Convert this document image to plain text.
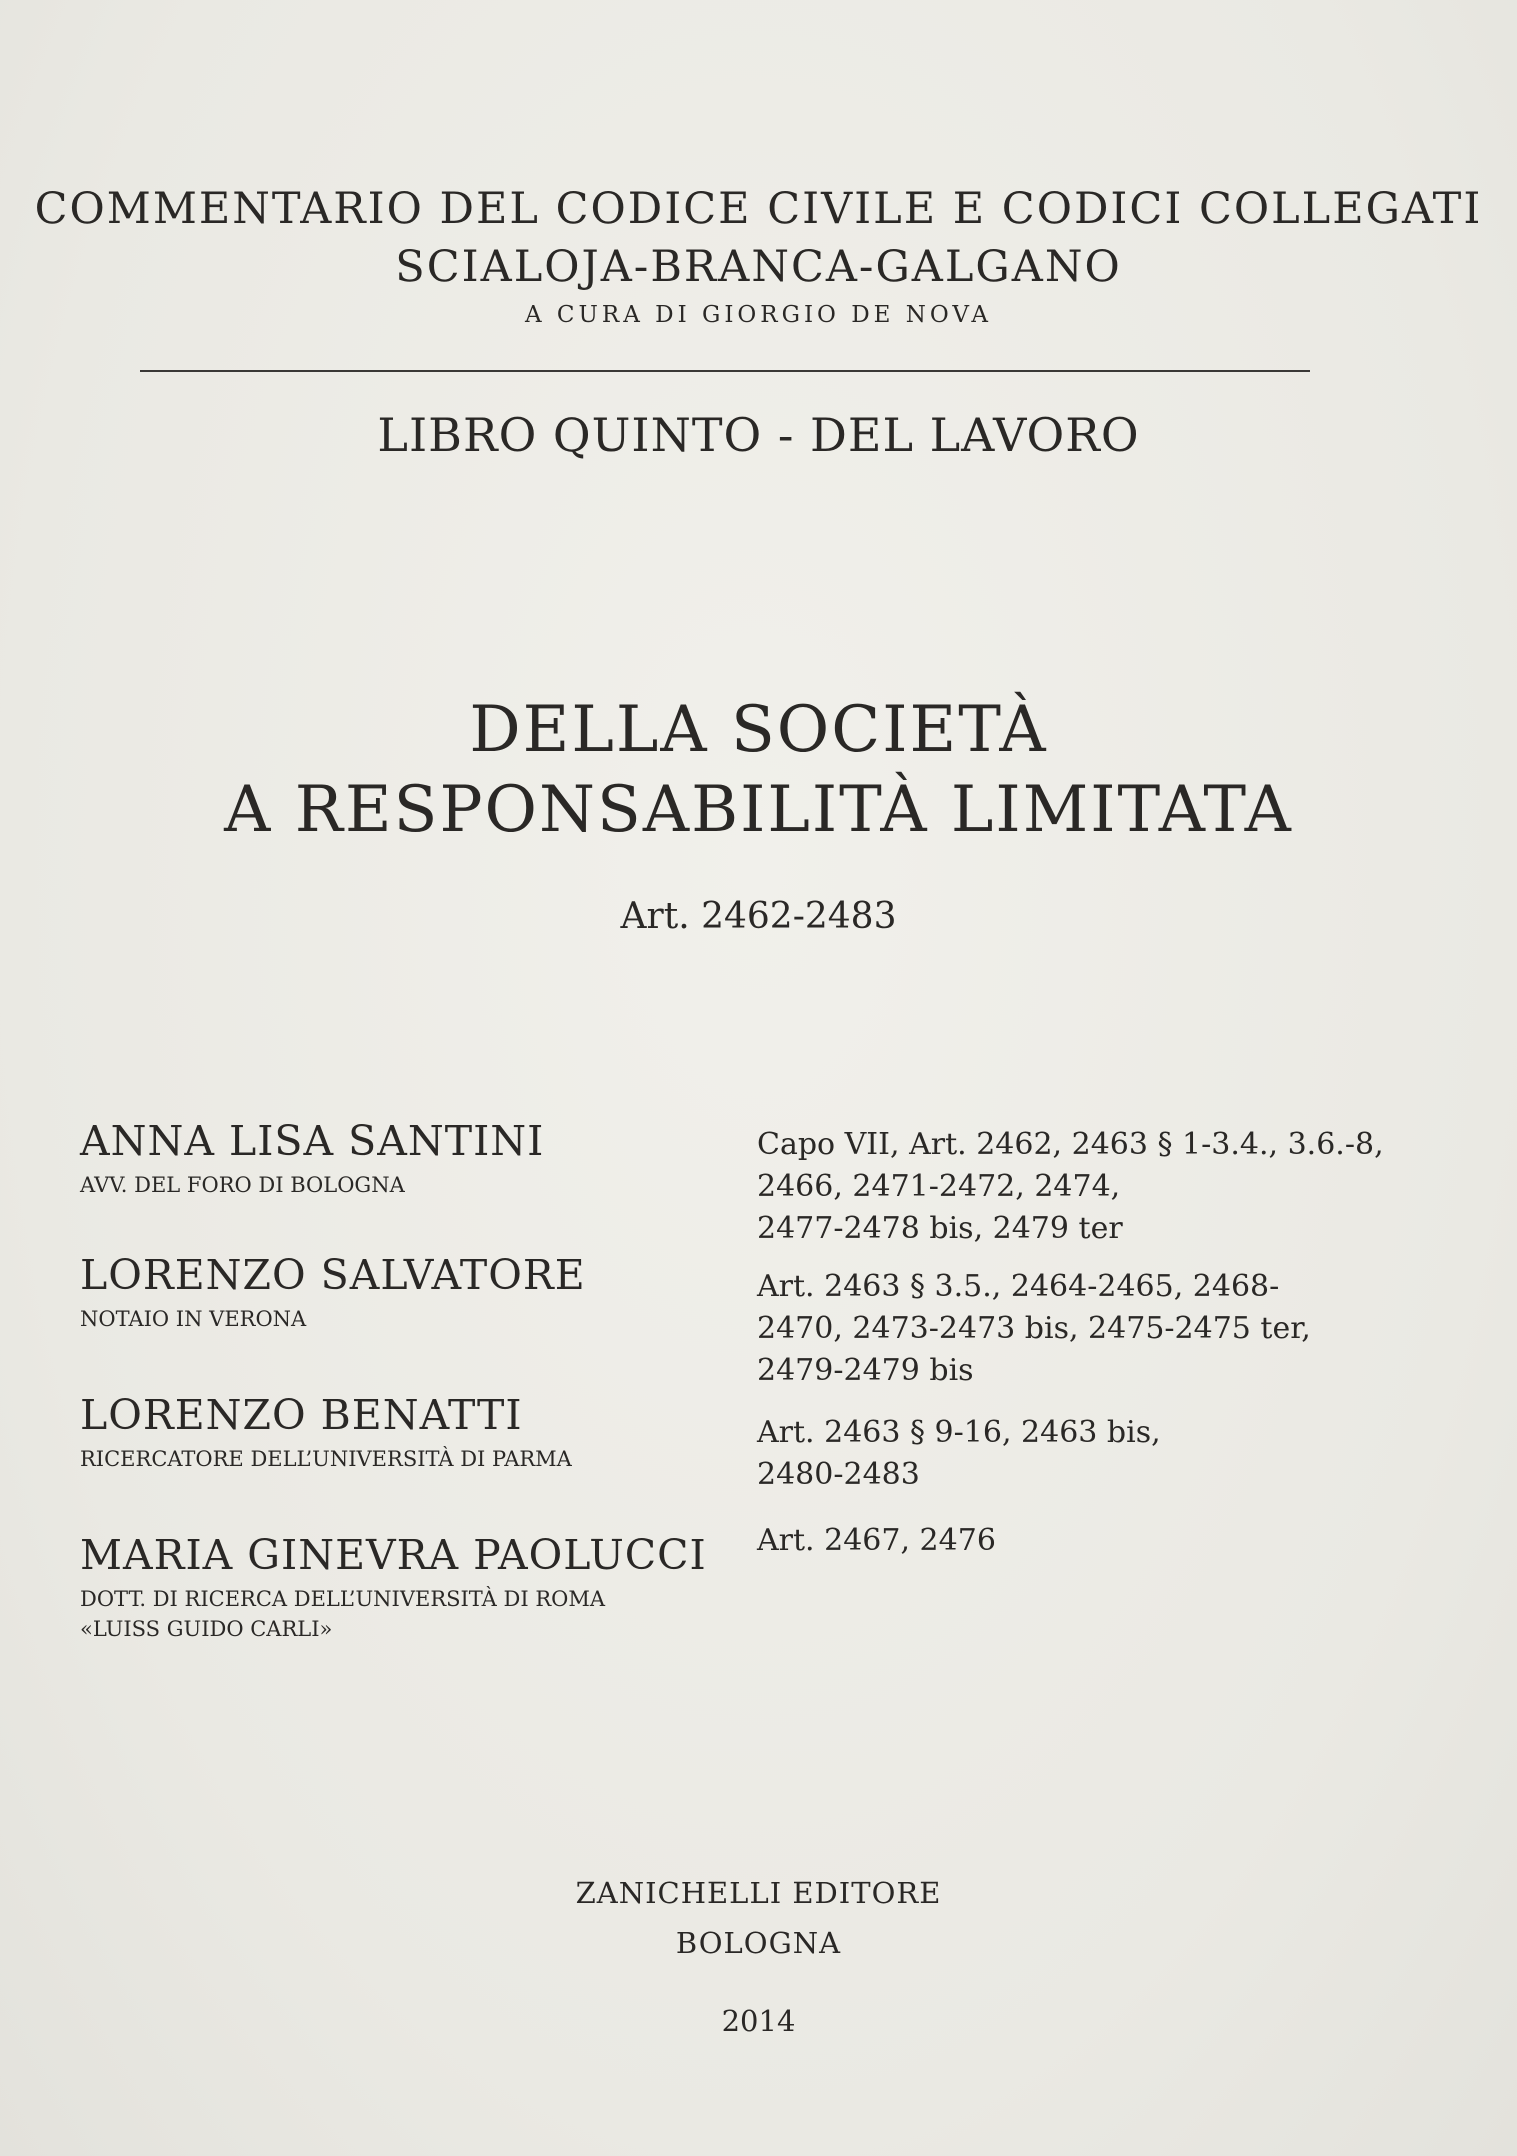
COMMENTARIO DEL CODICE CIVILE E CODICI COLLEGATI
SCIALOJA-BRANCA-GALGANO
A CURA DI GIORGIO DE NOVA
LIBRO QUINTO - DEL LAVORO
DELLA SOCIETÀ
A RESPONSABILITÀ LIMITATA
Art. 2462-2483
ANNA LISA SANTINI
AVV. DEL FORO DI BOLOGNA
Capo VII, Art. 2462, 2463 § 1-3.4., 3.6.-8,
2466, 2471-2472, 2474,
2477-2478 bis, 2479 ter
LORENZO SALVATORE
NOTAIO IN VERONA
Art. 2463 § 3.5., 2464-2465, 2468-
2470, 2473-2473 bis, 2475-2475 ter,
2479-2479 bis
LORENZO BENATTI
RICERCATORE DELL’UNIVERSITÀ DI PARMA
Art. 2463 § 9-16, 2463 bis,
2480-2483
MARIA GINEVRA PAOLUCCI
DOTT. DI RICERCA DELL’UNIVERSITÀ DI ROMA
«LUISS GUIDO CARLI»
Art. 2467, 2476
ZANICHELLI EDITORE
BOLOGNA
2014
